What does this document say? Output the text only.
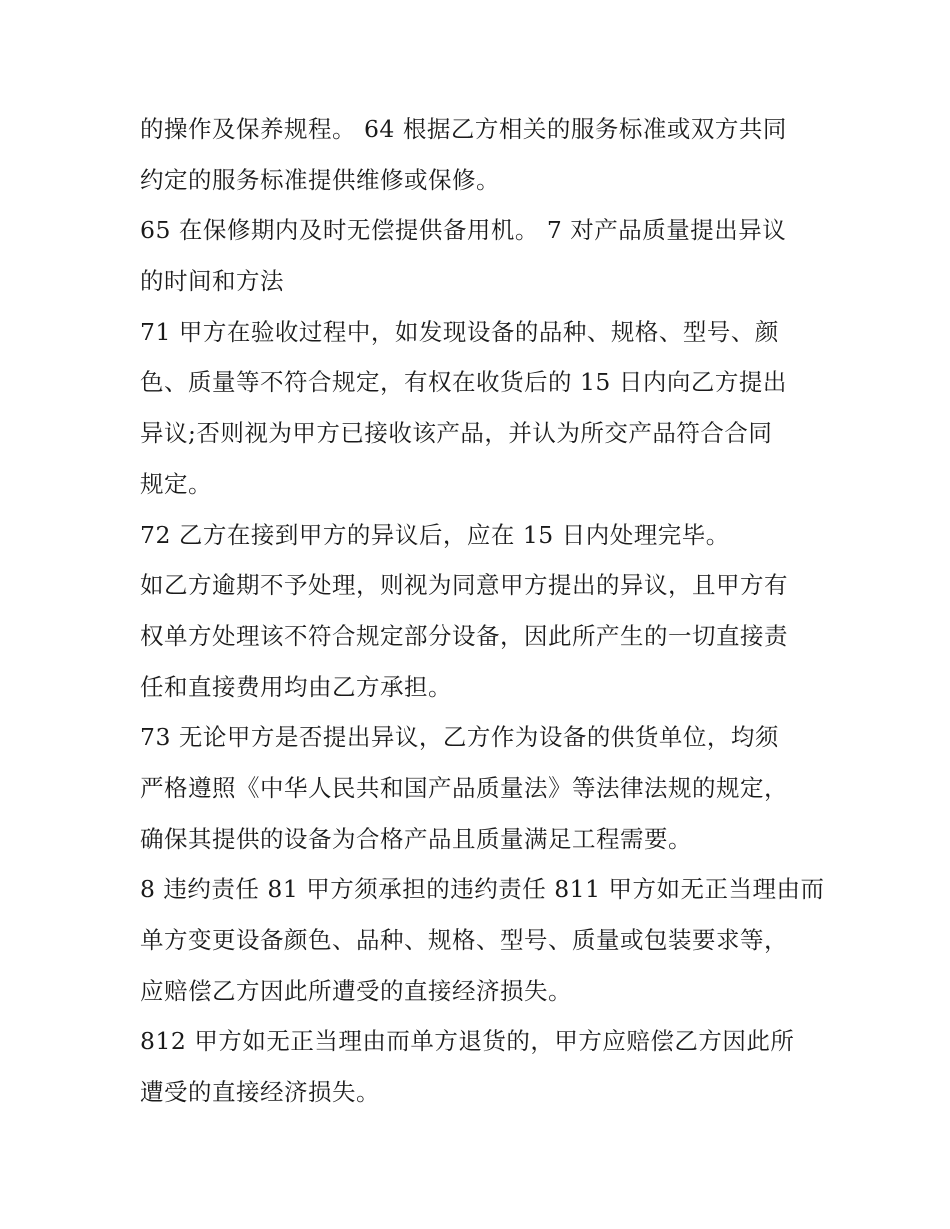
的操作及保养规程。 64 根据乙方相关的服务标准或双方共同
约定的服务标准提供维修或保修。

65 在保修期内及时无偿提供备用机。 7 对产品质量提出异议
的时间和方法

71 甲方在验收过程中，如发现设备的品种、规格、型号、颜
色、质量等不符合规定，有权在收货后的 15 日内向乙方提出
异议;否则视为甲方已接收该产品，并认为所交产品符合合同
规定。

72 乙方在接到甲方的异议后，应在 15 日内处理完毕。

如乙方逾期不予处理，则视为同意甲方提出的异议，且甲方有
权单方处理该不符合规定部分设备，因此所产生的一切直接责
任和直接费用均由乙方承担。

73 无论甲方是否提出异议，乙方作为设备的供货单位，均须
严格遵照《中华人民共和国产品质量法》等法律法规的规定，
确保其提供的设备为合格产品且质量满足工程需要。

8 违约责任 81 甲方须承担的违约责任 811 甲方如无正当理由而
单方变更设备颜色、品种、规格、型号、质量或包装要求等，
应赔偿乙方因此所遭受的直接经济损失。

812 甲方如无正当理由而单方退货的，甲方应赔偿乙方因此所
遭受的直接经济损失。
